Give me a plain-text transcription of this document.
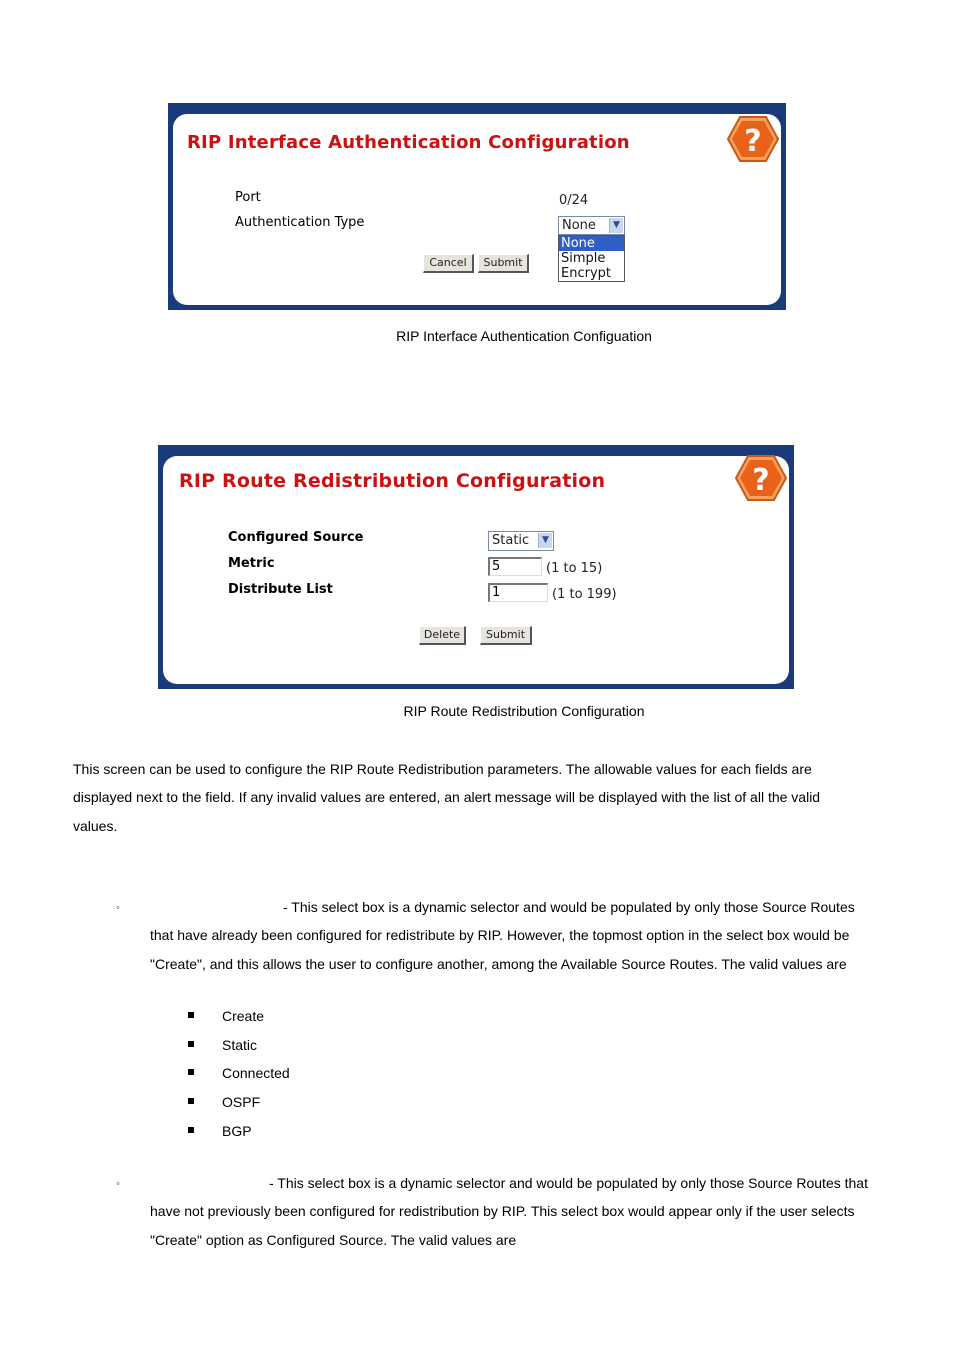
RIP Interface Authentication Configuration	?
Port	0/24
Authentication Type	None	▼
None
Simple
Encrypt
Cancel	Submit
RIP Interface Authentication Configuation
RIP Route Redistribution Configuration	?
Configured Source	Static	▼
Metric	5	(1 to 15)
Distribute List	1	(1 to 199)
Delete	Submit
RIP Route Redistribution Configuration
This screen can be used to configure the RIP Route Redistribution parameters. The allowable values for each fields are
displayed next to the field. If any invalid values are entered, an alert message will be displayed with the list of all the valid
values.
◦	- This select box is a dynamic selector and would be populated by only those Source Routes
that have already been configured for redistribute by RIP. However, the topmost option in the select box would be
"Create", and this allows the user to configure another, among the Available Source Routes. The valid values are
Create
Static
Connected
OSPF
BGP
◦	- This select box is a dynamic selector and would be populated by only those Source Routes that
have not previously been configured for redistribution by RIP. This select box would appear only if the user selects
"Create" option as Configured Source. The valid values are
